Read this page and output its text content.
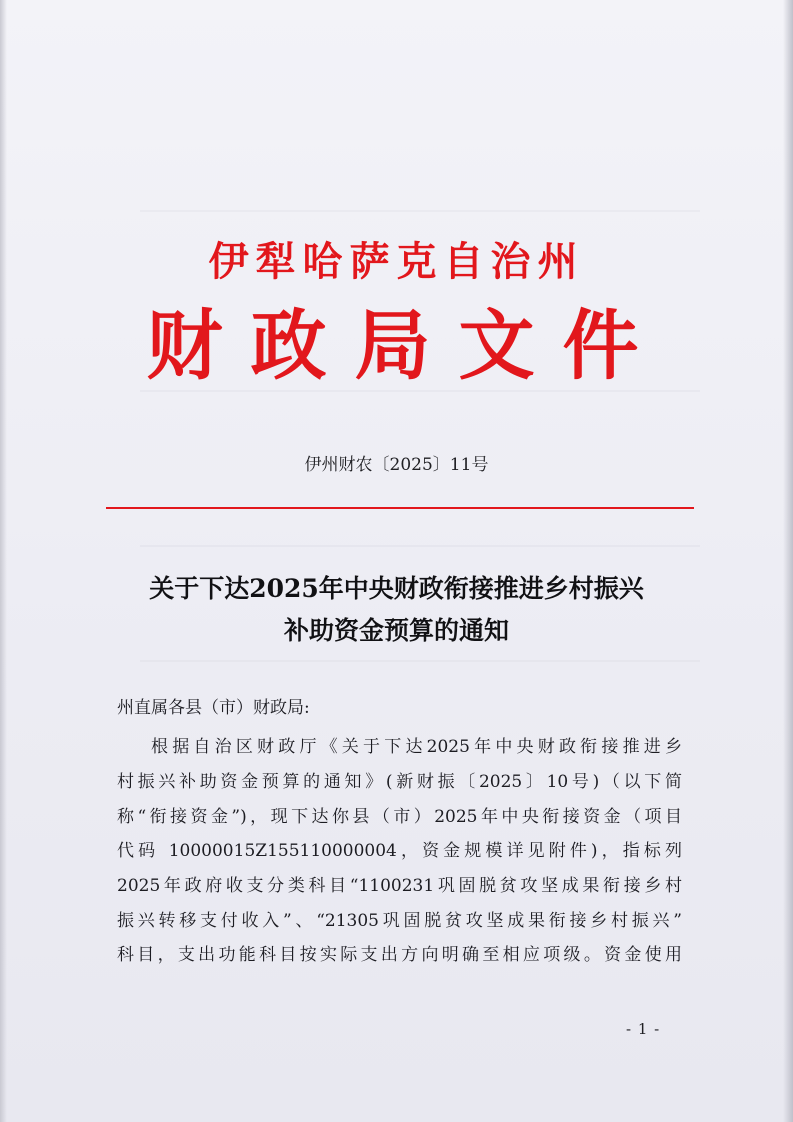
伊犁哈萨克自治州
财政局文件
伊州财农〔2025〕11号
关于下达2025年中央财政衔接推进乡村振兴
补助资金预算的通知
州直属各县（市）财政局:
根据自治区财政厅《关于下达2025年中央财政衔接推进乡
村振兴补助资金预算的通知》(新财振〔2025〕10号)（以下简
称“衔接资金”)，现下达你县（市）2025年中央衔接资金（项目
代码 10000015Z155110000004，资金规模详见附件)，指标列
2025年政府收支分类科目“1100231巩固脱贫攻坚成果衔接乡村
振兴转移支付收入”、“21305巩固脱贫攻坚成果衔接乡村振兴”
科目，支出功能科目按实际支出方向明确至相应项级。资金使用
- 1 -
